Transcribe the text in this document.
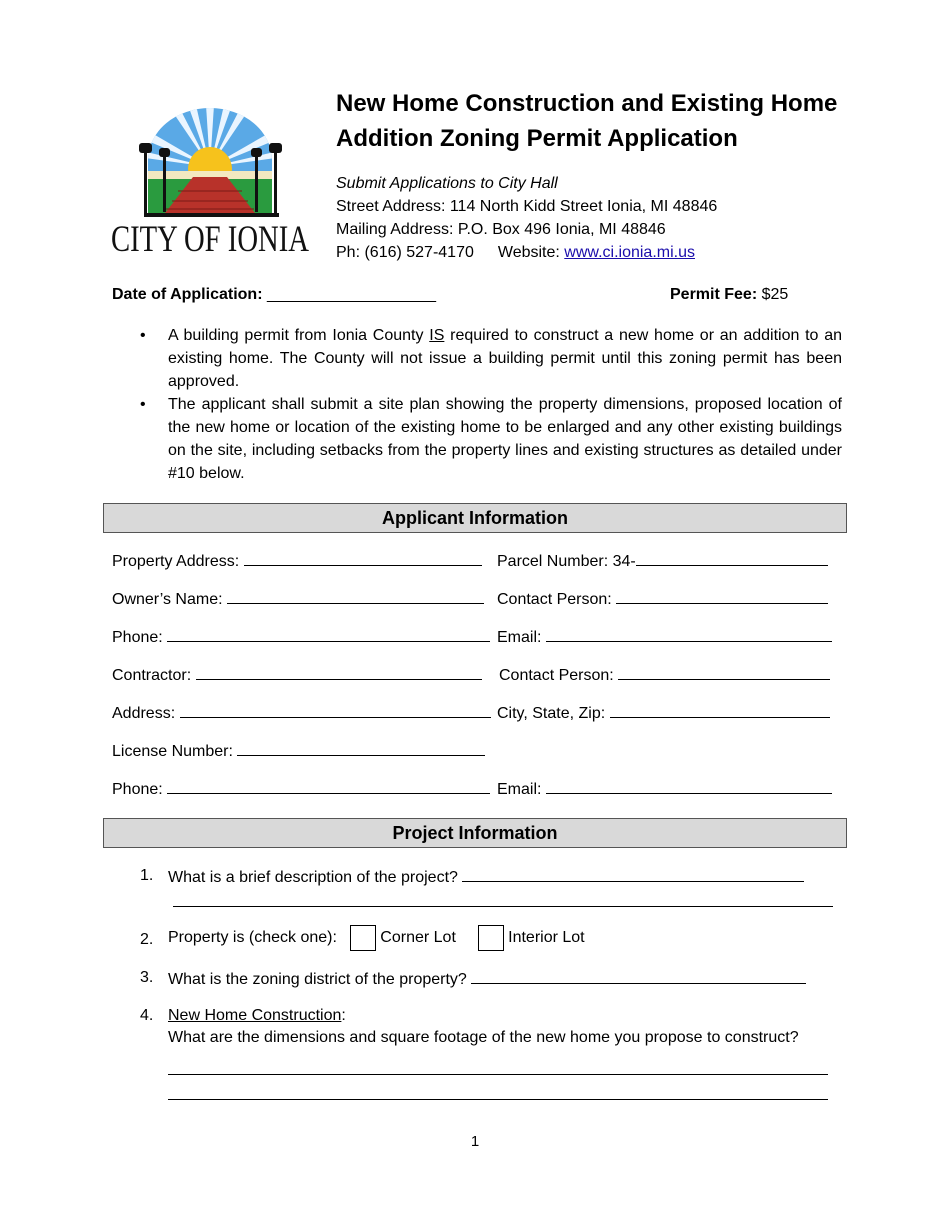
CITY OF IONIA
New Home Construction and Existing Home Addition Zoning Permit Application
Submit Applications to City Hall
Street Address: 114 North Kidd Street Ionia, MI 48846
Mailing Address: P.O. Box 496 Ionia, MI 48846
Ph: (616) 527-4170 Website: www.ci.ionia.mi.us
Date of Application: ___________________	Permit Fee: $25
• A building permit from Ionia County IS required to construct a new home or an addition to an existing home. The County will not issue a building permit until this zoning permit has been approved.
• The applicant shall submit a site plan showing the property dimensions, proposed location of the new home or location of the existing home to be enlarged and any other existing buildings on the site, including setbacks from the property lines and existing structures as detailed under #10 below.
Applicant Information
Property Address:	Parcel Number: 34-
Owner’s Name:	Contact Person:
Phone:	Email:
Contractor:	Contact Person:
Address:	City, State, Zip:
License Number:
Phone:	Email:
Project Information
1. What is a brief description of the project?
2. Property is (check one):	Corner Lot	Interior Lot
3. What is the zoning district of the property?
4. New Home Construction:
What are the dimensions and square footage of the new home you propose to construct?
1
